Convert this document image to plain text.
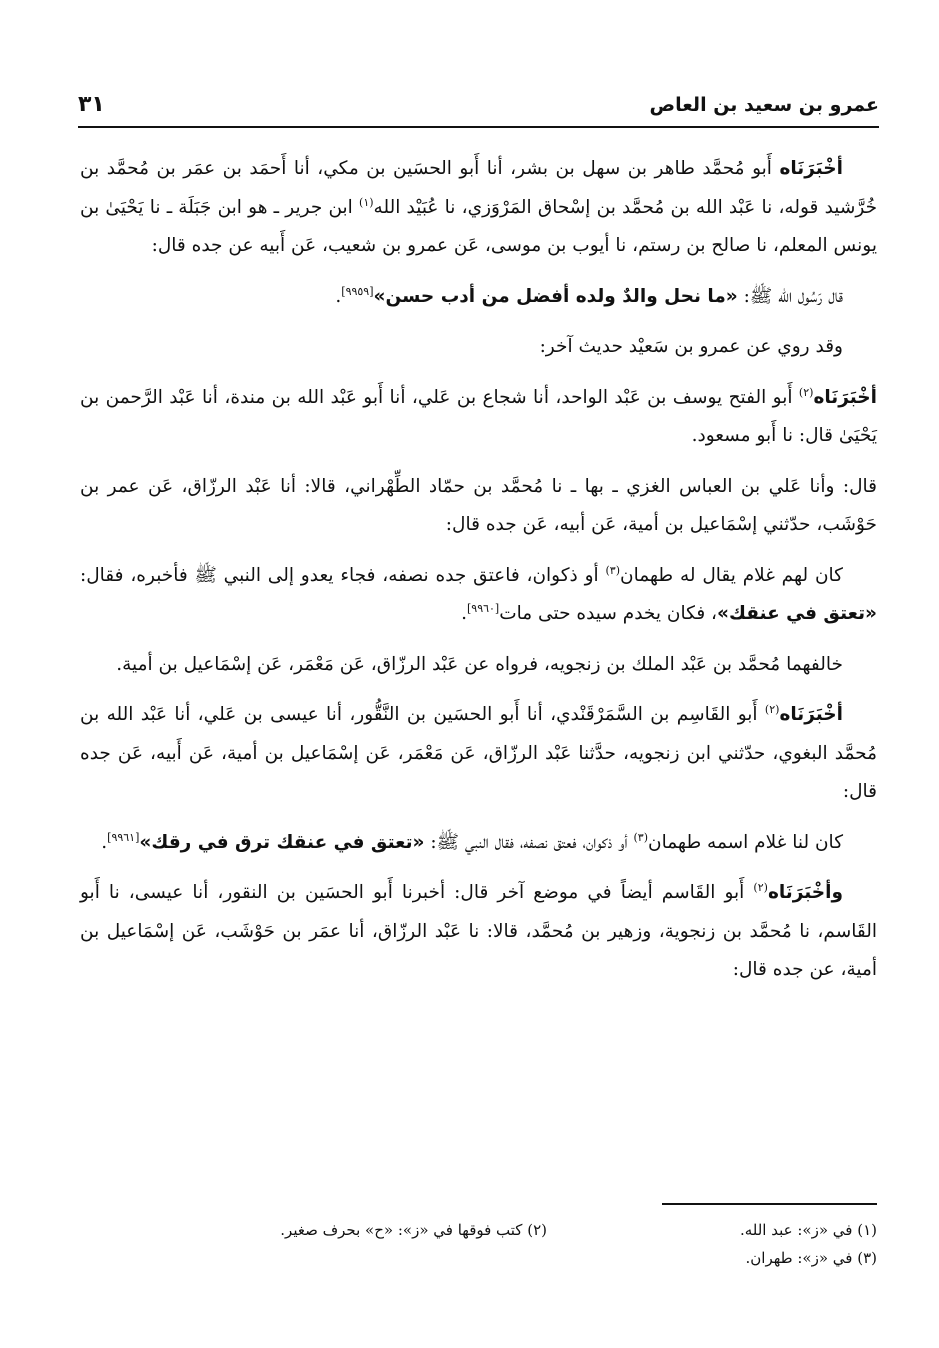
عمرو بن سعيد بن العاص
٣١

أخْبَرَنَاه أَبو مُحمَّد طاهر بن سهل بن بشر، أنا أَبو الحسَين بن مكي، أنا أَحمَد بن عمَر بن مُحمَّد بن خُرَّشيد قوله، نا عَبْد الله بن مُحمَّد بن إسْحاق المَرْوَزي، نا عُبَيْد الله$^{(١)}$ ابن جرير ـ هو ابن جَبَلَة ـ نا يَحْيَىٰ بن يونس المعلم، نا صالح بن رستم، نا أيوب بن موسى، عَن عمرو بن شعيب، عَن أَبيه عن جده قال:

قال رَسُول الله ﷺ: «ما نحل والدٌ ولده أفضل من أدب حسن»[٩٩٥٩].

وقد روي عن عمرو بن سَعيْد حديث آخر:

أخْبَرَنَاه$^{(٢)}$ أَبو الفتح يوسف بن عَبْد الواحد، أنا شجاع بن عَلي، أنا أَبو عَبْد الله بن مندة، أنا عَبْد الرَّحمن بن يَحْيَىٰ قال: نا أَبو مسعود.

قال: وأنا عَلي بن العباس الغزي ـ بها ـ نا مُحمَّد بن حمّاد الطِّهْراني، قالا: أنا عَبْد الرزّاق، عَن عمر بن حَوْشَب، حدّثني إسْمَاعيل بن أمية، عَن أبيه، عَن جده قال:

كان لهم غلام يقال له طهمان$^{(٣)}$ أو ذكوان، فاعتق جده نصفه، فجاء يعدو إلى النبي ﷺ فأخبره، فقال: «تعتق في عنقك»، فكان يخدم سيده حتى مات[٩٩٦٠].

خالفهما مُحمَّد بن عَبْد الملك بن زنجويه، فرواه عن عَبْد الرزّاق، عَن مَعْمَر، عَن إسْمَاعيل بن أمية.

أخْبَرَنَاه$^{(٢)}$ أَبو القَاسِم بن السَّمَرْقَنْدي، أنا أَبو الحسَين بن النَّقُّور، أنا عيسى بن عَلي، أنا عَبْد الله بن مُحمَّد البغوي، حدّثني ابن زنجويه، حدَّثنا عَبْد الرزّاق، عَن مَعْمَر، عَن إسْمَاعيل بن أمية، عَن أَبيه، عَن جده قال:

كان لنا غلام اسمه طهمان$^{(٣)}$ أو ذكوان، فعتق نصفه، فقال النبي ﷺ: «تعتق في عنقك ترق في رقك»[٩٩٦١].

وأخْبَرَنَاه$^{(٢)}$ أَبو القَاسم أيضاً في موضع آخر قال: أخبرنا أَبو الحسَين بن النقور، أنا عيسى، نا أَبو القَاسم، نا مُحمَّد بن زنجوية، وزهير بن مُحمَّد، قالا: نا عَبْد الرزّاق، أنا عمَر بن حَوْشَب، عَن إسْمَاعيل بن أمية، عن جده قال:

(١) في «ز»: عبد الله.
(٢) كتب فوقها في «ز»: «ح» بحرف صغير.
(٣) في «ز»: طهران.
